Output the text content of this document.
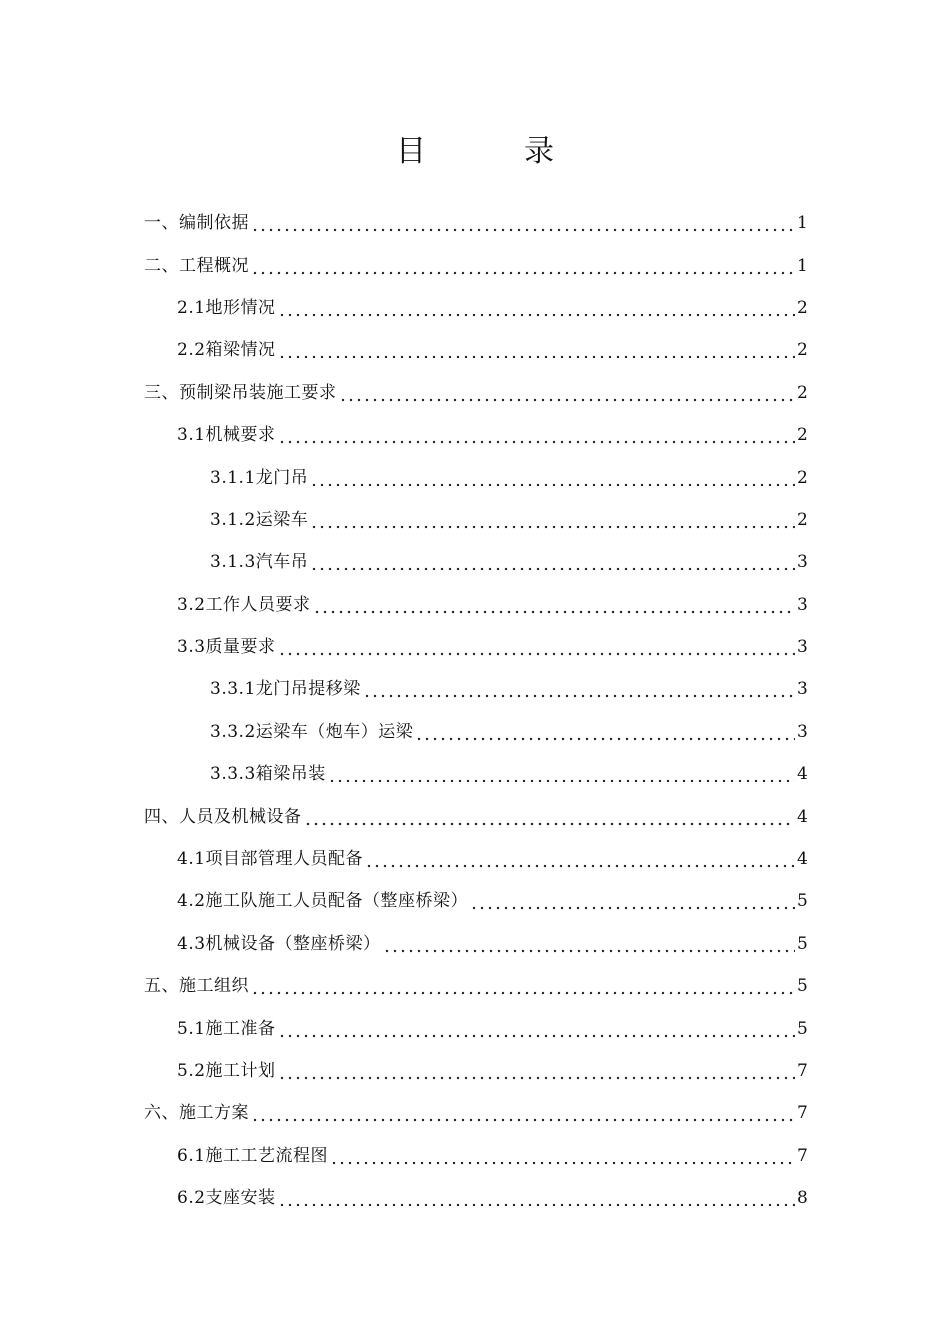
目　录
一、编制依据	1
二、工程概况	1
2.1地形情况	2
2.2箱梁情况	2
三、预制梁吊装施工要求	2
3.1机械要求	2
3.1.1龙门吊	2
3.1.2运梁车	2
3.1.3汽车吊	3
3.2工作人员要求	3
3.3质量要求	3
3.3.1龙门吊提移梁	3
3.3.2运梁车（炮车）运梁	3
3.3.3箱梁吊装	4
四、人员及机械设备	4
4.1项目部管理人员配备	4
4.2施工队施工人员配备（整座桥梁）	5
4.3机械设备（整座桥梁）	5
五、施工组织	5
5.1施工准备	5
5.2施工计划	7
六、施工方案	7
6.1施工工艺流程图	7
6.2支座安装	8
